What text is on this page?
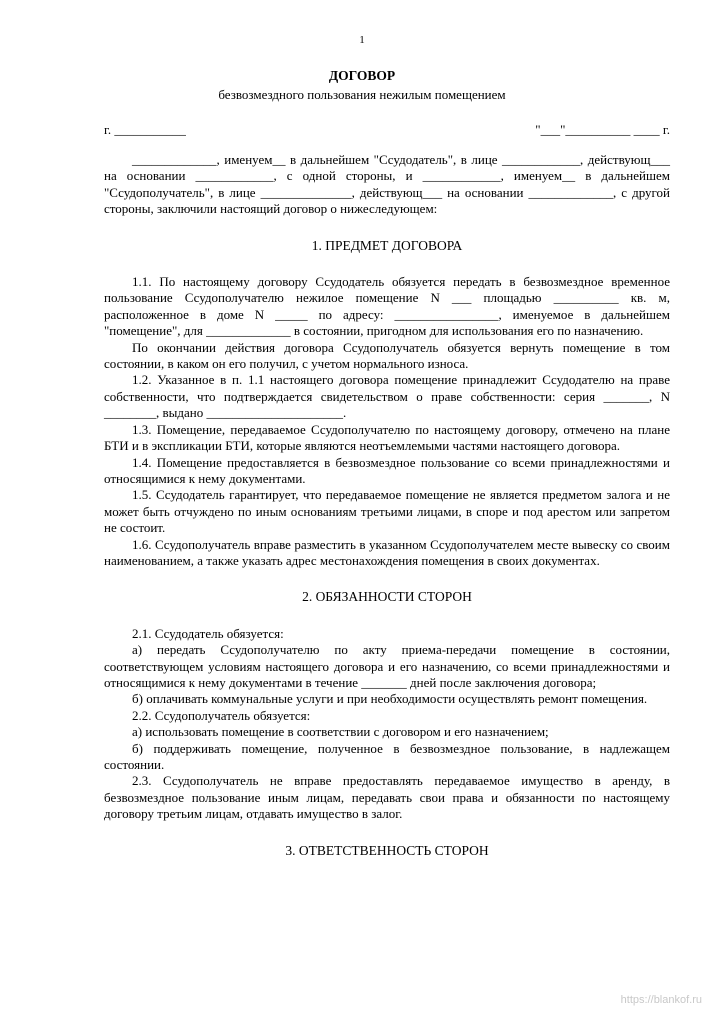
1
ДОГОВОР
безвозмездного пользования нежилым помещением
г. ___________	"___"__________ ____ г.

_____________, именуем__ в дальнейшем "Ссудодатель", в лице ____________, действующ___ на основании ____________, с одной стороны, и ____________, именуем__ в дальнейшем "Ссудополучатель", в лице ______________, действующ___ на основании _____________, с другой стороны, заключили настоящий договор о нижеследующем:

1. ПРЕДМЕТ ДОГОВОРА

1.1. По настоящему договору Ссудодатель обязуется передать в безвозмездное временное пользование Ссудополучателю нежилое помещение N ___ площадью __________ кв. м, расположенное в доме N _____ по адресу: ________________, именуемое в дальнейшем "помещение", для _____________ в состоянии, пригодном для использования его по назначению.

По окончании действия договора Ссудополучатель обязуется вернуть помещение в том состоянии, в каком он его получил, с учетом нормального износа.

1.2. Указанное в п. 1.1 настоящего договора помещение принадлежит Ссудодателю на праве собственности, что подтверждается свидетельством о праве собственности: серия _______, N ________, выдано _____________________.

1.3. Помещение, передаваемое Ссудополучателю по настоящему договору, отмечено на плане БТИ и в экспликации БТИ, которые являются неотъемлемыми частями настоящего договора.

1.4. Помещение предоставляется в безвозмездное пользование со всеми принадлежностями и относящимися к нему документами.

1.5. Ссудодатель гарантирует, что передаваемое помещение не является предметом залога и не может быть отчуждено по иным основаниям третьими лицами, в споре и под арестом или запретом не состоит.

1.6. Ссудополучатель вправе разместить в указанном Ссудополучателем месте вывеску со своим наименованием, а также указать адрес местонахождения помещения в своих документах.

2. ОБЯЗАННОСТИ СТОРОН

2.1. Ссудодатель обязуется:

а) передать Ссудополучателю по акту приема-передачи помещение в состоянии, соответствующем условиям настоящего договора и его назначению, со всеми принадлежностями и относящимися к нему документами в течение _______ дней после заключения договора;

б) оплачивать коммунальные услуги и при необходимости осуществлять ремонт помещения.

2.2. Ссудополучатель обязуется:

а) использовать помещение в соответствии с договором и его назначением;

б) поддерживать помещение, полученное в безвозмездное пользование, в надлежащем состоянии.

2.3. Ссудополучатель не вправе предоставлять передаваемое имущество в аренду, в безвозмездное пользование иным лицам, передавать свои права и обязанности по настоящему договору третьим лицам, отдавать имущество в залог.

3. ОТВЕТСТВЕННОСТЬ СТОРОН

https://blankof.ru
